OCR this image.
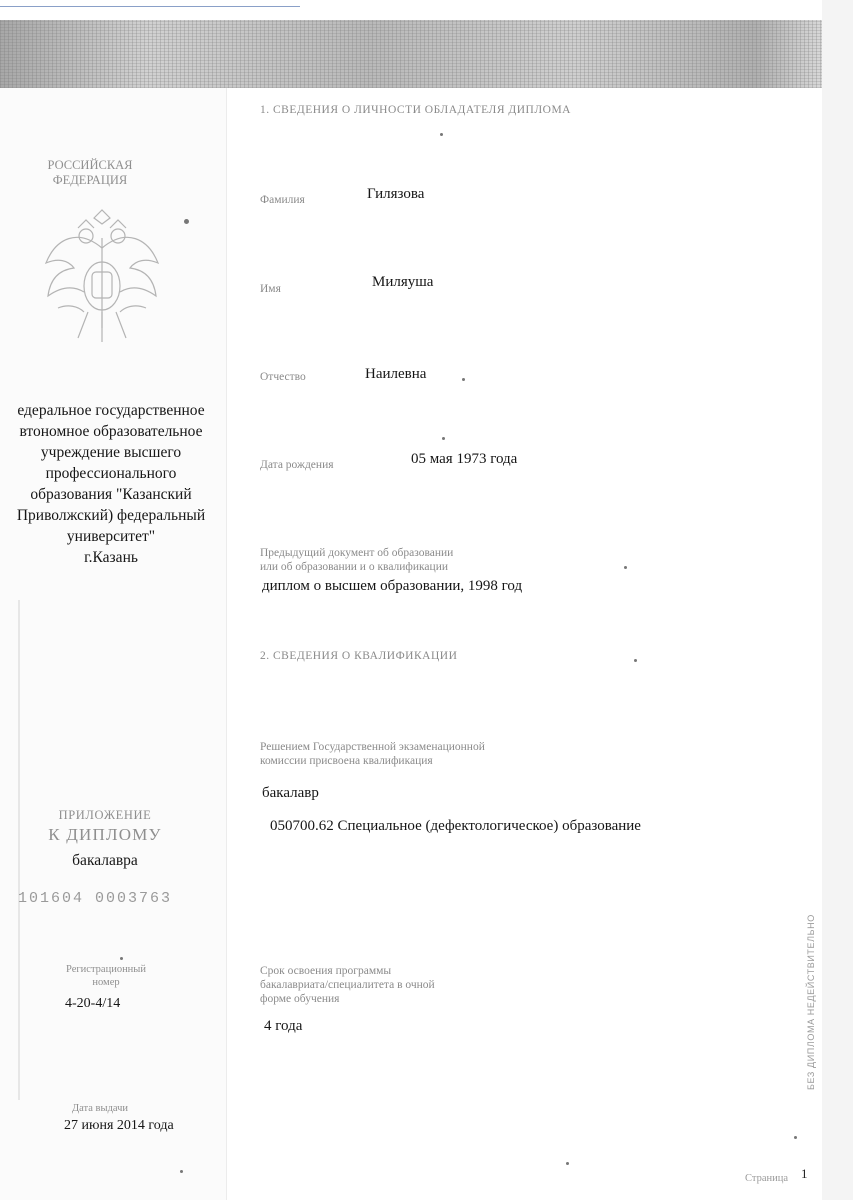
РОССИЙСКАЯ
ФЕДЕРАЦИЯ
едеральное государственное
втономное образовательное
учреждение высшего
профессионального
образования "Казанский
Приволжский) федеральный
университет"
г.Казань
ПРИЛОЖЕНИЕ
К ДИПЛОМУ
бакалавра
101604 0003763
Регистрационный
номер
4-20-4/14
Дата выдачи
27 июня 2014 года
1. СВЕДЕНИЯ О ЛИЧНОСТИ ОБЛАДАТЕЛЯ ДИПЛОМА
Фамилия	Гилязова
Имя	Миляуша
Отчество	Наилевна
Дата рождения	05 мая 1973 года
Предыдущий документ об образовании
или об образовании и о квалификации
диплом о высшем образовании, 1998 год
2. СВЕДЕНИЯ О КВАЛИФИКАЦИИ
Решением Государственной экзаменационной
комиссии присвоена квалификация
бакалавр
050700.62 Специальное (дефектологическое) образование
Срок освоения программы
бакалавриата/специалитета в очной
форме обучения
4 года	БЕЗ ДИПЛОМА НЕДЕЙСТВИТЕЛЬНО
Страница 1
